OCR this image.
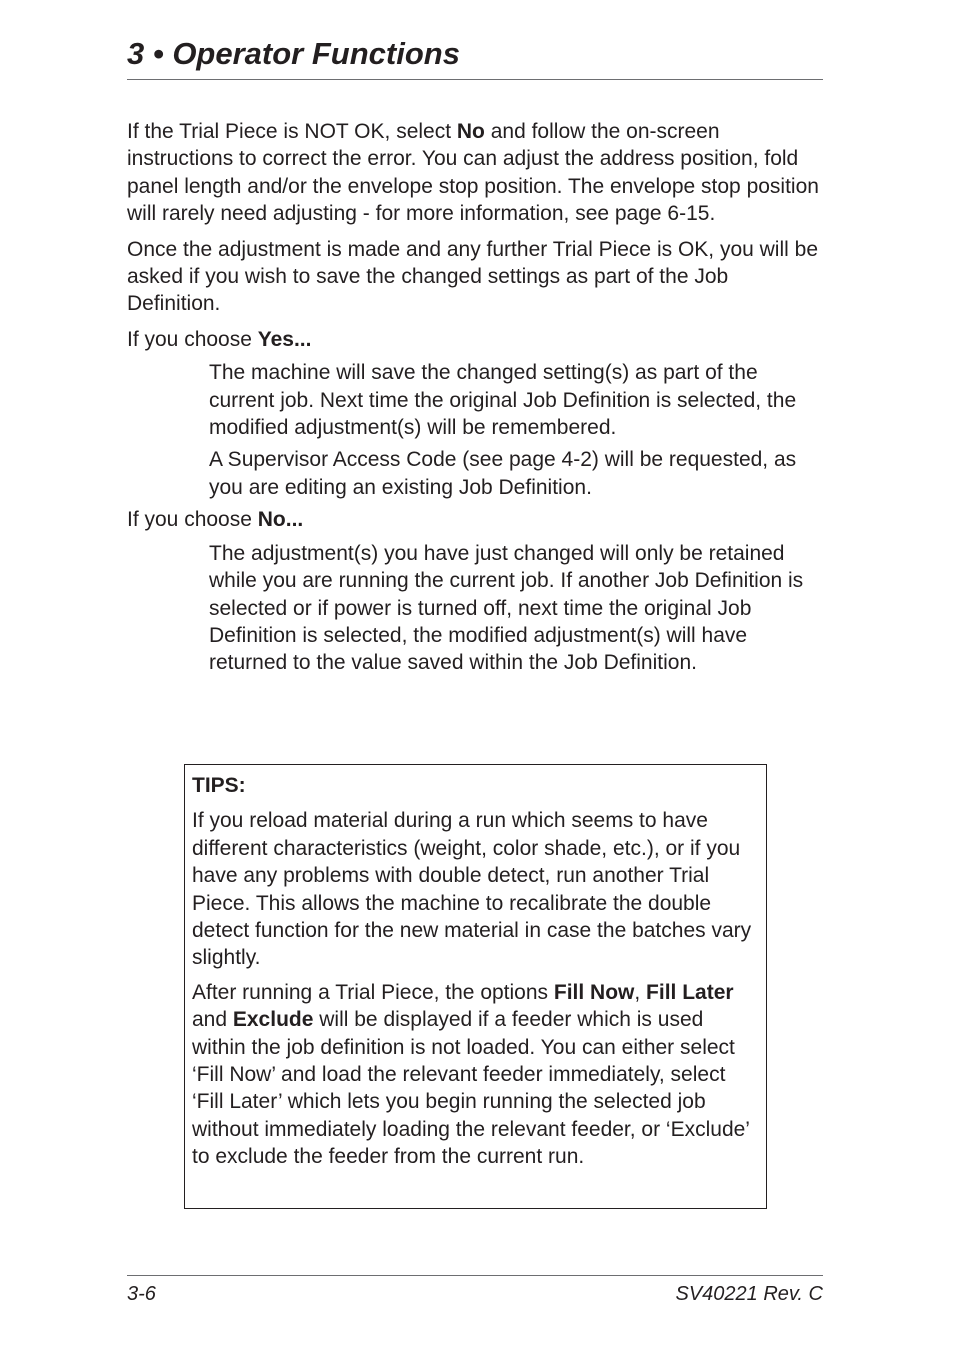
3 • Operator Functions

If the Trial Piece is NOT OK, select No and follow the on-screen instructions to correct the error. You can adjust the address position, fold panel length and/or the envelope stop position. The envelope stop position will rarely need adjusting - for more information, see page 6-15.

Once the adjustment is made and any further Trial Piece is OK, you will be asked if you wish to save the changed settings as part of the Job Definition.

If you choose Yes...

The machine will save the changed setting(s) as part of the current job. Next time the original Job Definition is selected, the modified adjustment(s) will be remembered.

A Supervisor Access Code (see page 4-2) will be requested, as you are editing an existing Job Definition.

If you choose No...

The adjustment(s) you have just changed will only be retained while you are running the current job. If another Job Definition is selected or if power is turned off, next time the original Job Definition is selected, the modified adjustment(s) will have returned to the value saved within the Job Definition.

TIPS:

If you reload material during a run which seems to have different characteristics (weight, color shade, etc.), or if you have any problems with double detect, run another Trial Piece. This allows the machine to recalibrate the double detect function for the new material in case the batches vary slightly.

After running a Trial Piece, the options Fill Now, Fill Later and Exclude will be displayed if a feeder which is used within the job definition is not loaded. You can either select ‘Fill Now’ and load the relevant feeder immediately, select ‘Fill Later’ which lets you begin running the selected job without immediately loading the relevant feeder, or ‘Exclude’ to exclude the feeder from the current run.

3-6	SV40221 Rev. C
